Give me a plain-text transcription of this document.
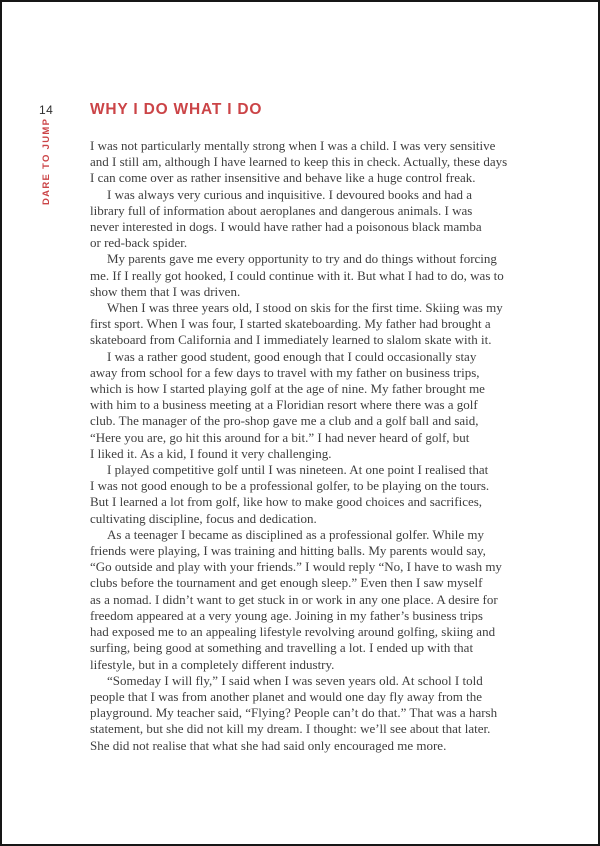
14
DARE TO JUMP
WHY I DO WHAT I DO

I was not particularly mentally strong when I was a child. I was very sensitive
and I still am, although I have learned to keep this in check. Actually, these days
I can come over as rather insensitive and behave like a huge control freak.

I was always very curious and inquisitive. I devoured books and had a
library full of information about aeroplanes and dangerous animals. I was
never interested in dogs. I would have rather had a poisonous black mamba
or red-back spider.

My parents gave me every opportunity to try and do things without forcing
me. If I really got hooked, I could continue with it. But what I had to do, was to
show them that I was driven.

When I was three years old, I stood on skis for the first time. Skiing was my
first sport. When I was four, I started skateboarding. My father had brought a
skateboard from California and I immediately learned to slalom skate with it.

I was a rather good student, good enough that I could occasionally stay
away from school for a few days to travel with my father on business trips,
which is how I started playing golf at the age of nine. My father brought me
with him to a business meeting at a Floridian resort where there was a golf
club. The manager of the pro-shop gave me a club and a golf ball and said,
“Here you are, go hit this around for a bit.” I had never heard of golf, but
I liked it. As a kid, I found it very challenging.

I played competitive golf until I was nineteen. At one point I realised that
I was not good enough to be a professional golfer, to be playing on the tours.
But I learned a lot from golf, like how to make good choices and sacrifices,
cultivating discipline, focus and dedication.

As a teenager I became as disciplined as a professional golfer. While my
friends were playing, I was training and hitting balls. My parents would say,
“Go outside and play with your friends.” I would reply “No, I have to wash my
clubs before the tournament and get enough sleep.” Even then I saw myself
as a nomad. I didn’t want to get stuck in or work in any one place. A desire for
freedom appeared at a very young age. Joining in my father’s business trips
had exposed me to an appealing lifestyle revolving around golfing, skiing and
surfing, being good at something and travelling a lot. I ended up with that
lifestyle, but in a completely different industry.

“Someday I will fly,” I said when I was seven years old. At school I told
people that I was from another planet and would one day fly away from the
playground. My teacher said, “Flying? People can’t do that.” That was a harsh
statement, but she did not kill my dream. I thought: we’ll see about that later.
She did not realise that what she had said only encouraged me more.
